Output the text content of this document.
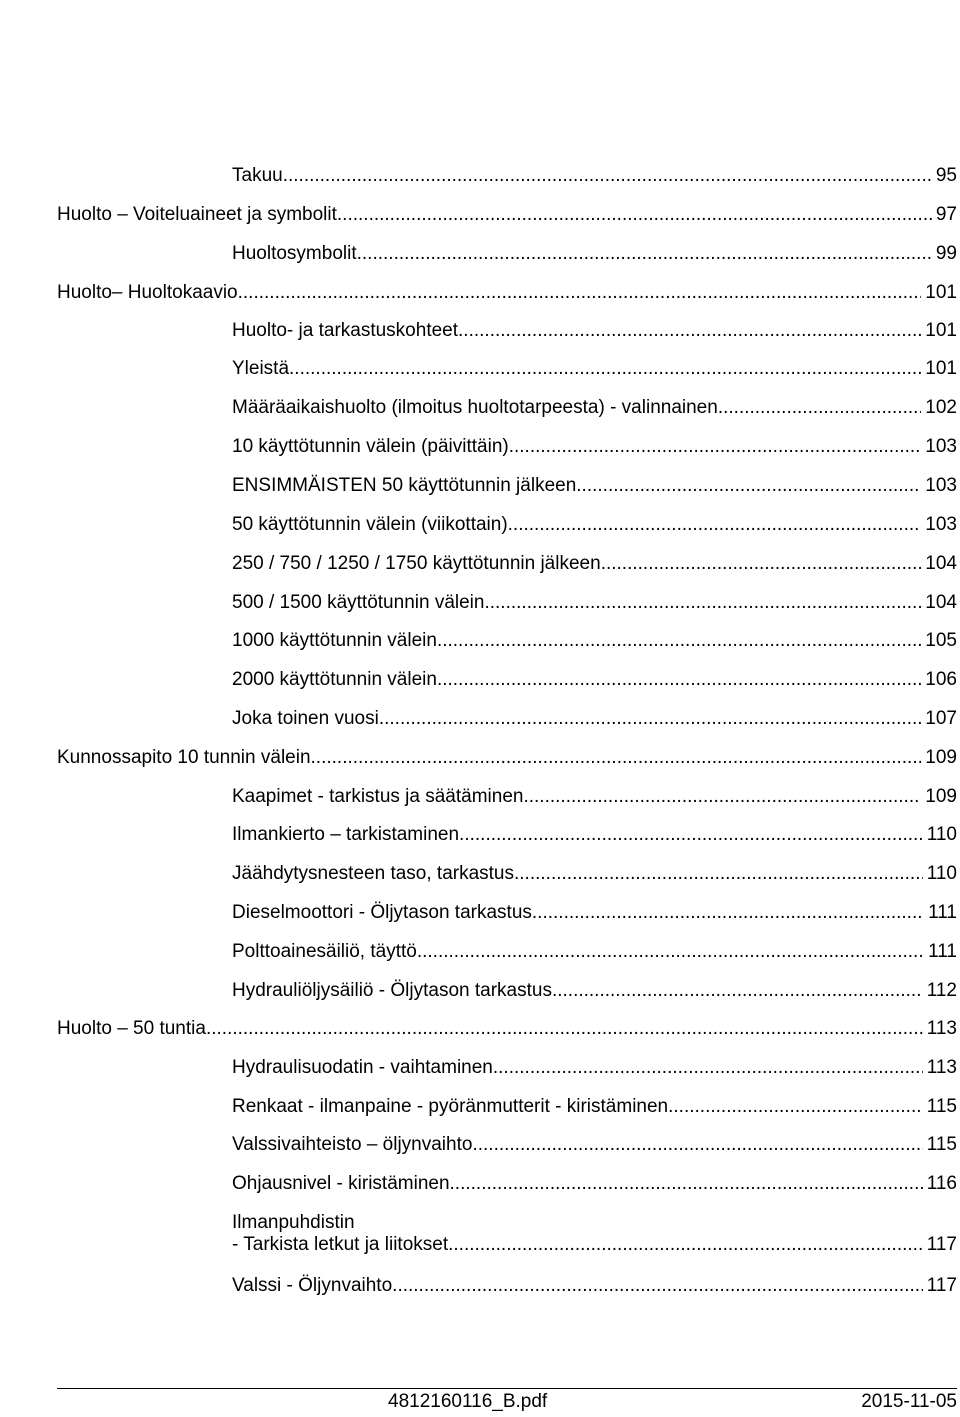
Takuu .....	95
Huolto – Voiteluaineet ja symbolit .....	97
Huoltosymbolit. .....	99
Huolto– Huoltokaavio .....	101
Huolto- ja tarkastuskohteet .....	101
Yleistä .....	101
Määräaikaishuolto (ilmoitus huoltotarpeesta) - valinnainen .....	102
10 käyttötunnin välein (päivittäin) .....	103
ENSIMMÄISTEN 50 käyttötunnin jälkeen .....	103
50 käyttötunnin välein (viikottain) .....	103
250 / 750 / 1250 / 1750 käyttötunnin jälkeen .....	104
500 / 1500 käyttötunnin välein .....	104
1000 käyttötunnin välein .....	105
2000 käyttötunnin välein .....	106
Joka toinen vuosi .....	107
Kunnossapito 10 tunnin välein .....	109
Kaapimet - tarkistus ja säätäminen .....	109
Ilmankierto – tarkistaminen .....	110
Jäähdytysnesteen taso, tarkastus .....	110
Dieselmoottori - Öljytason tarkastus .....	111
Polttoainesäiliö, täyttö .....	111
Hydrauliöljysäiliö - Öljytason tarkastus .....	112
Huolto – 50 tuntia .....	113
Hydraulisuodatin - vaihtaminen .....	113
Renkaat - ilmanpaine - pyöränmutterit - kiristäminen .....	115
Valssivaihteisto – öljynvaihto .....	115
Ohjausnivel - kiristäminen .....	116
Ilmanpuhdistin
- Tarkista letkut ja liitokset. .....	117
Valssi - Öljynvaihto. .....	117
4812160116_B.pdf	2015-11-05
